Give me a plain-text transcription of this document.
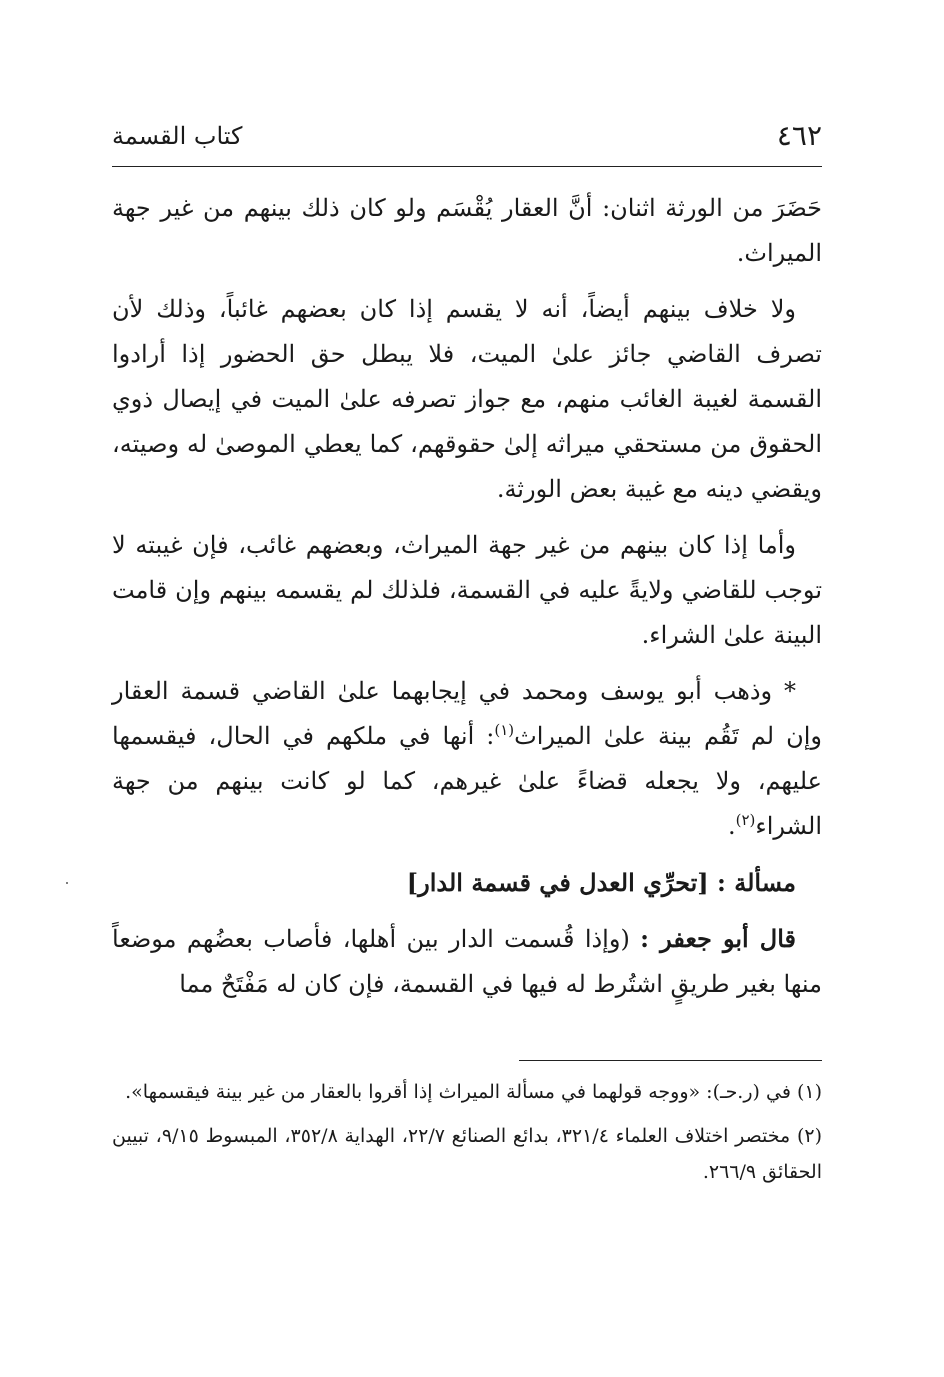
٤٦٢
كتاب القسمة

حَضَرَ من الورثة اثنان: أنَّ العقار يُقْسَم ولو كان ذلك بينهم من غير جهة الميراث.

ولا خلاف بينهم أيضاً، أنه لا يقسم إذا كان بعضهم غائباً، وذلك لأن تصرف القاضي جائز علىٰ الميت، فلا يبطل حق الحضور إذا أرادوا القسمة لغيبة الغائب منهم، مع جواز تصرفه علىٰ الميت في إيصال ذوي الحقوق من مستحقي ميراثه إلىٰ حقوقهم، كما يعطي الموصىٰ له وصيته، ويقضي دينه مع غيبة بعض الورثة.

وأما إذا كان بينهم من غير جهة الميراث، وبعضهم غائب، فإن غيبته لا توجب للقاضي ولايةً عليه في القسمة، فلذلك لم يقسمه بينهم وإن قامت البينة علىٰ الشراء.

* وذهب أبو يوسف ومحمد في إيجابهما علىٰ القاضي قسمة العقار وإن لم تَقُم بينة علىٰ الميراث$^{(١)}$: أنها في ملكهم في الحال، فيقسمها عليهم، ولا يجعله قضاءً علىٰ غيرهم، كما لو كانت بينهم من جهة الشراء$^{(٢)}$.

مسألة : [تحرِّي العدل في قسمة الدار]

قال أبو جعفر : (وإذا قُسمت الدار بين أهلها، فأصاب بعضُهم موضعاً منها بغير طريقٍ اشتُرط له فيها في القسمة، فإن كان له مَفْتَحٌ مما

(١) في (ر.حـ): «ووجه قولهما في مسألة الميراث إذا أقروا بالعقار من غير بينة فيقسمها».

(٢) مختصر اختلاف العلماء ٣٢١/٤، بدائع الصنائع ٢٢/٧، الهداية ٣٥٢/٨، المبسوط ٩/١٥، تبيين الحقائق ٢٦٦/٩.
